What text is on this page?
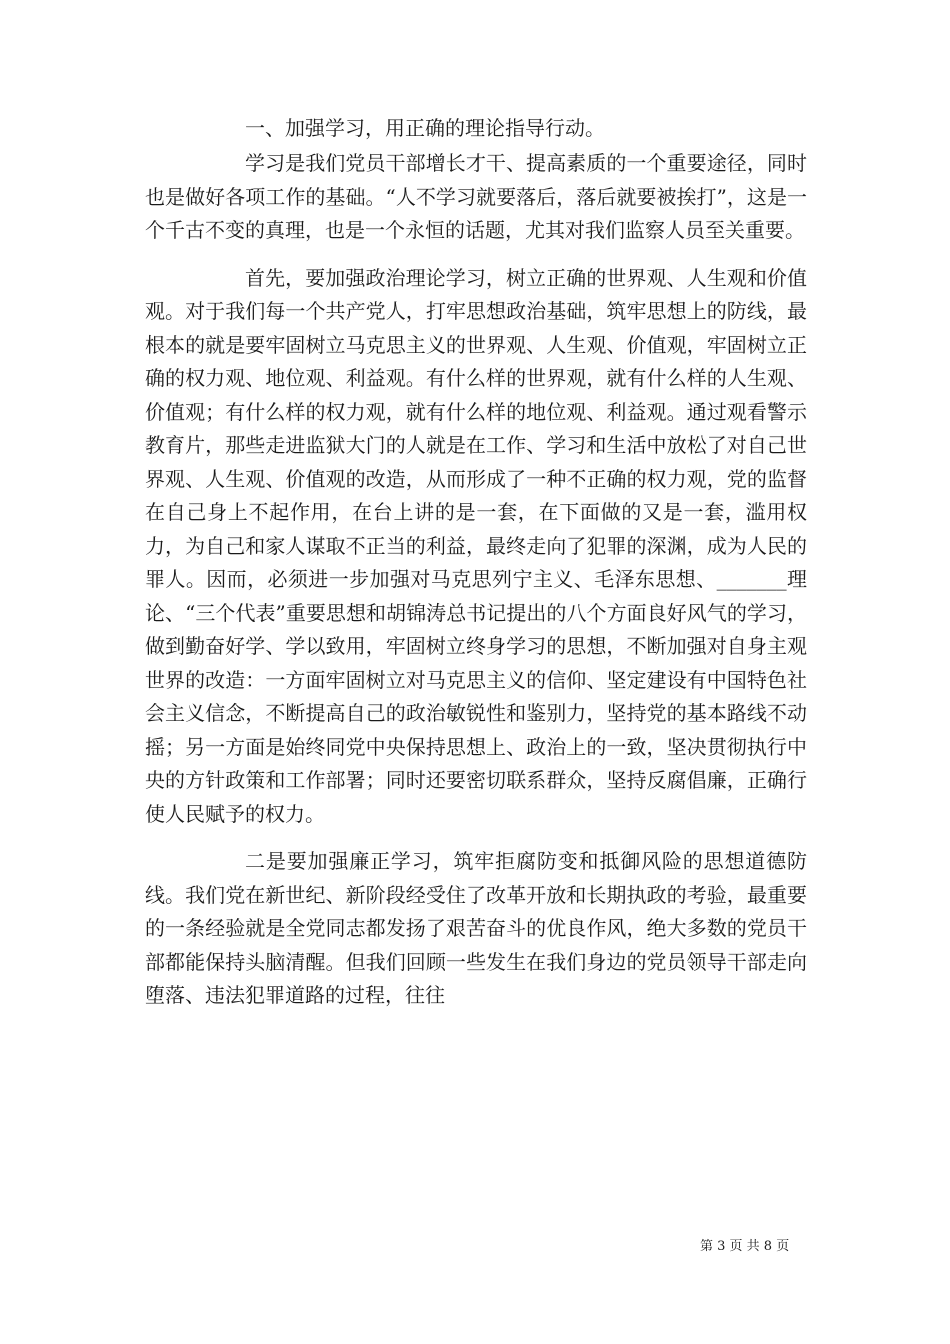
一、加强学习，用正确的理论指导行动。

学习是我们党员干部增长才干、提高素质的一个重要途径，同时也是做好各项工作的基础。“人不学习就要落后，落后就要被挨打”，这是一个千古不变的真理，也是一个永恒的话题，尤其对我们监察人员至关重要。

首先，要加强政治理论学习，树立正确的世界观、人生观和价值观。对于我们每一个共产党人，打牢思想政治基础，筑牢思想上的防线，最根本的就是要牢固树立马克思主义的世界观、人生观、价值观，牢固树立正确的权力观、地位观、利益观。有什么样的世界观，就有什么样的人生观、价值观；有什么样的权力观，就有什么样的地位观、利益观。通过观看警示教育片，那些走进监狱大门的人就是在工作、学习和生活中放松了对自己世界观、人生观、价值观的改造，从而形成了一种不正确的权力观，党的监督在自己身上不起作用，在台上讲的是一套，在下面做的又是一套，滥用权力，为自己和家人谋取不正当的利益，最终走向了犯罪的深渊，成为人民的罪人。因而，必须进一步加强对马克思列宁主义、毛泽东思想、_______理论、“三个代表”重要思想和胡锦涛总书记提出的八个方面良好风气的学习，做到勤奋好学、学以致用，牢固树立终身学习的思想，不断加强对自身主观世界的改造：一方面牢固树立对马克思主义的信仰、坚定建设有中国特色社会主义信念，不断提高自己的政治敏锐性和鉴别力，坚持党的基本路线不动摇；另一方面是始终同党中央保持思想上、政治上的一致，坚决贯彻执行中央的方针政策和工作部署；同时还要密切联系群众，坚持反腐倡廉，正确行使人民赋予的权力。

二是要加强廉正学习，筑牢拒腐防变和抵御风险的思想道德防线。我们党在新世纪、新阶段经受住了改革开放和长期执政的考验，最重要的一条经验就是全党同志都发扬了艰苦奋斗的优良作风，绝大多数的党员干部都能保持头脑清醒。但我们回顾一些发生在我们身边的党员领导干部走向堕落、违法犯罪道路的过程，往往

第 3 页 共 8 页
